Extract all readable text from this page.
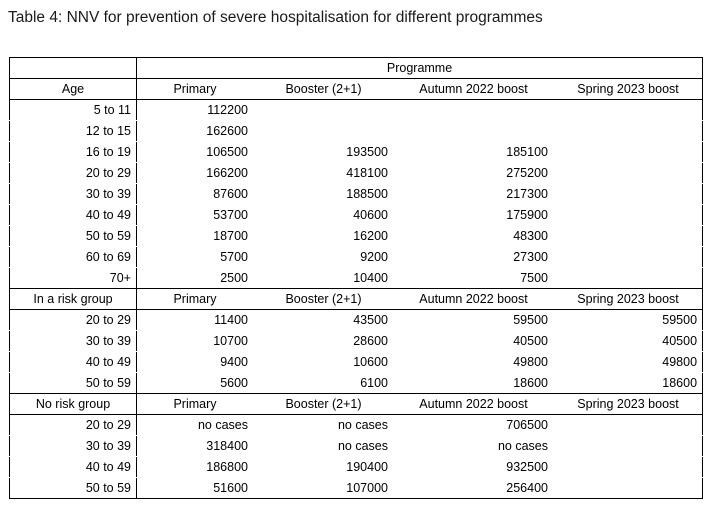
Table 4: NNV for prevention of severe hospitalisation for different programmes
	Programme			
Age	Primary	Booster (2+1)	Autumn 2022 boost	Spring 2023 boost
5 to 11	112200			
12 to 15	162600			
16 to 19	106500	193500	185100	
20 to 29	166200	418100	275200	
30 to 39	87600	188500	217300	
40 to 49	53700	40600	175900	
50 to 59	18700	16200	48300	
60 to 69	5700	9200	27300	
70+	2500	10400	7500	
In a risk group	Primary	Booster (2+1)	Autumn 2022 boost	Spring 2023 boost
20 to 29	11400	43500	59500	59500
30 to 39	10700	28600	40500	40500
40 to 49	9400	10600	49800	49800
50 to 59	5600	6100	18600	18600
No risk group	Primary	Booster (2+1)	Autumn 2022 boost	Spring 2023 boost
20 to 29	no cases	no cases	706500	
30 to 39	318400	no cases	no cases	
40 to 49	186800	190400	932500	
50 to 59	51600	107000	256400	
